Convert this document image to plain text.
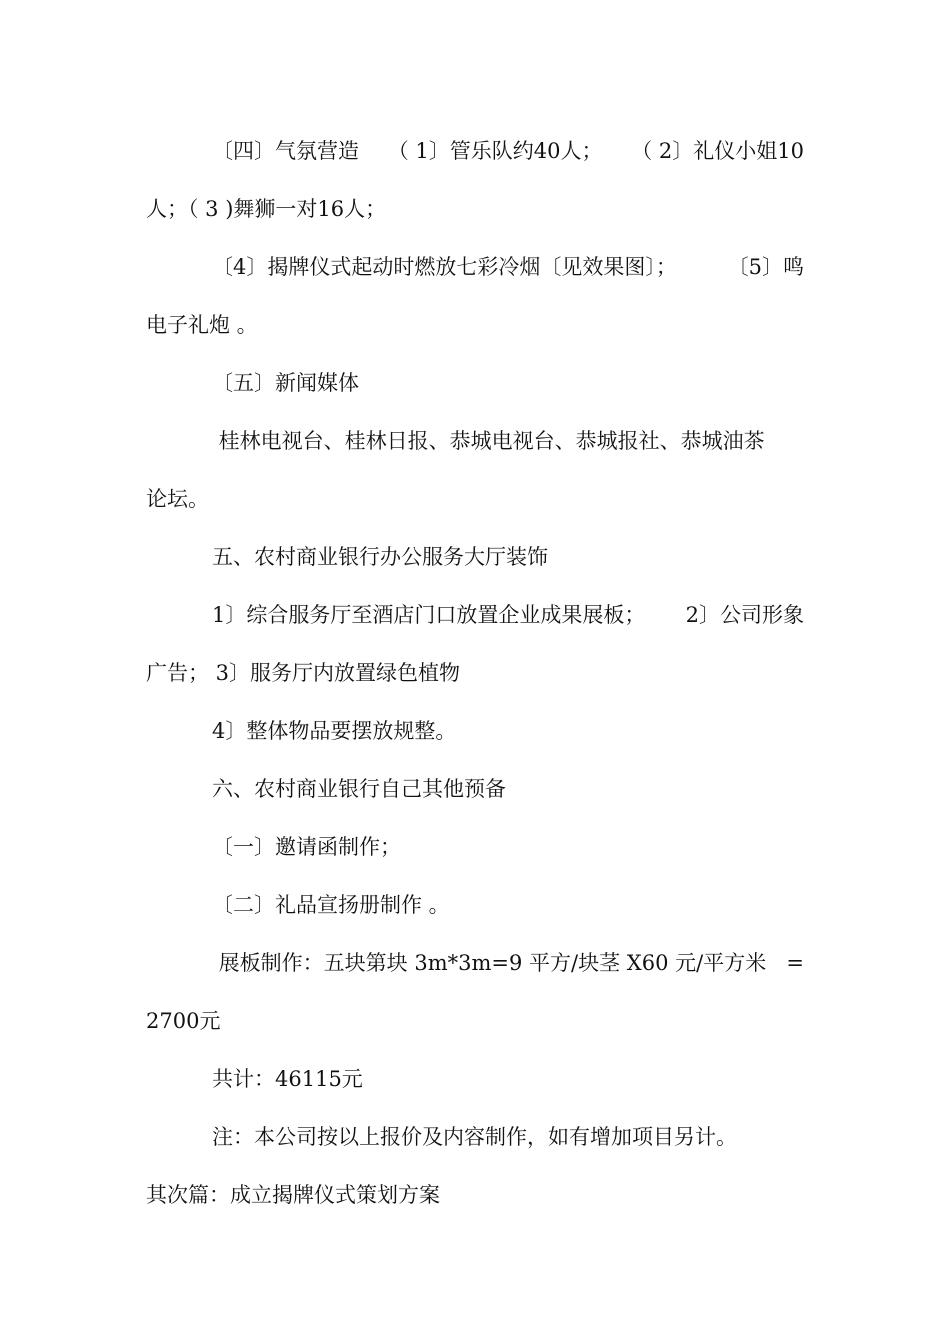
〔四〕气氛营造 （ 1〕管乐队约40人； （ 2〕礼仪小姐10
人；（ 3 )舞狮一对16人；
〔4〕揭牌仪式起动时燃放七彩冷烟〔见效果图〕； 〔5〕鸣
电子礼炮 。
〔五〕新闻媒体
桂林电视台、桂林日报、恭城电视台、恭城报社、恭城油茶
论坛。
五、农村商业银行办公服务大厅装饰
1〕综合服务厅至酒店门口放置企业成果展板； 2〕公司形象
广告； 3〕服务厅内放置绿色植物
4〕整体物品要摆放规整。
六、农村商业银行自己其他预备
〔一〕邀请函制作；
〔二〕礼品宣扬册制作 。
展板制作：五块第块 3m*3m=9 平方/块茎 X60 元/平方米 =
2700元
共计：46115元
注：本公司按以上报价及内容制作，如有增加项目另计。
其次篇：成立揭牌仪式策划方案
